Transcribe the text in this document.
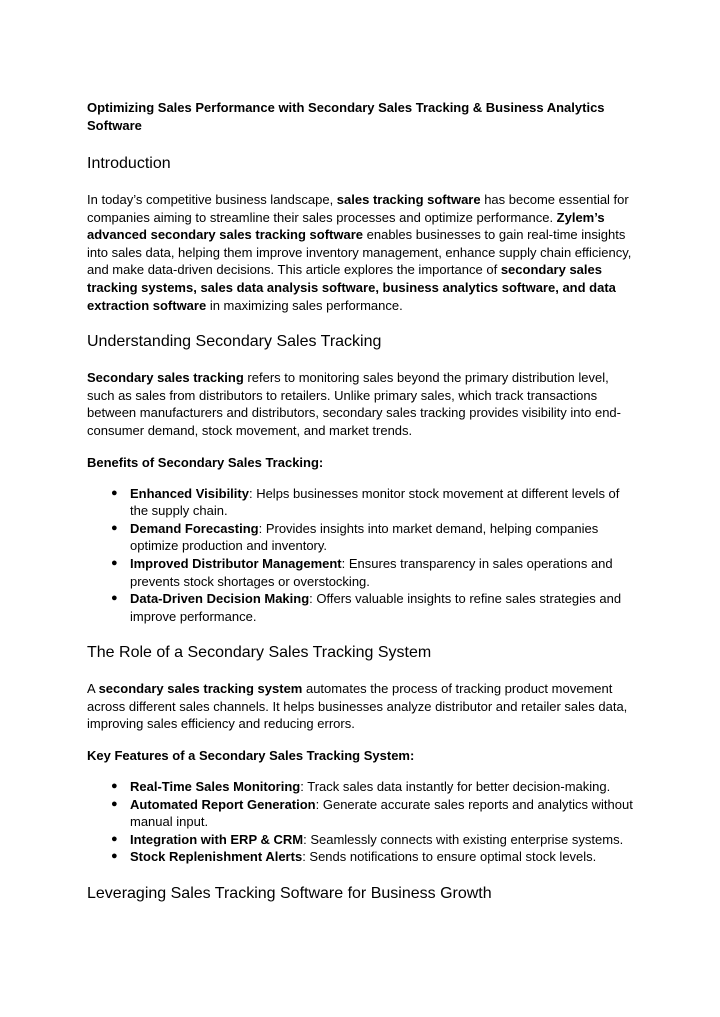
Optimizing Sales Performance with Secondary Sales Tracking & Business Analytics Software

Introduction

In today’s competitive business landscape, sales tracking software has become essential for companies aiming to streamline their sales processes and optimize performance. Zylem’s advanced secondary sales tracking software enables businesses to gain real-time insights into sales data, helping them improve inventory management, enhance supply chain efficiency, and make data-driven decisions. This article explores the importance of secondary sales tracking systems, sales data analysis software, business analytics software, and data extraction software in maximizing sales performance.

Understanding Secondary Sales Tracking

Secondary sales tracking refers to monitoring sales beyond the primary distribution level, such as sales from distributors to retailers. Unlike primary sales, which track transactions between manufacturers and distributors, secondary sales tracking provides visibility into end-consumer demand, stock movement, and market trends.

Benefits of Secondary Sales Tracking:

● Enhanced Visibility: Helps businesses monitor stock movement at different levels of the supply chain.
● Demand Forecasting: Provides insights into market demand, helping companies optimize production and inventory.
● Improved Distributor Management: Ensures transparency in sales operations and prevents stock shortages or overstocking.
● Data-Driven Decision Making: Offers valuable insights to refine sales strategies and improve performance.
The Role of a Secondary Sales Tracking System

A secondary sales tracking system automates the process of tracking product movement across different sales channels. It helps businesses analyze distributor and retailer sales data, improving sales efficiency and reducing errors.

Key Features of a Secondary Sales Tracking System:

● Real-Time Sales Monitoring: Track sales data instantly for better decision-making.
● Automated Report Generation: Generate accurate sales reports and analytics without manual input.
● Integration with ERP & CRM: Seamlessly connects with existing enterprise systems.
● Stock Replenishment Alerts: Sends notifications to ensure optimal stock levels.
Leveraging Sales Tracking Software for Business Growth
